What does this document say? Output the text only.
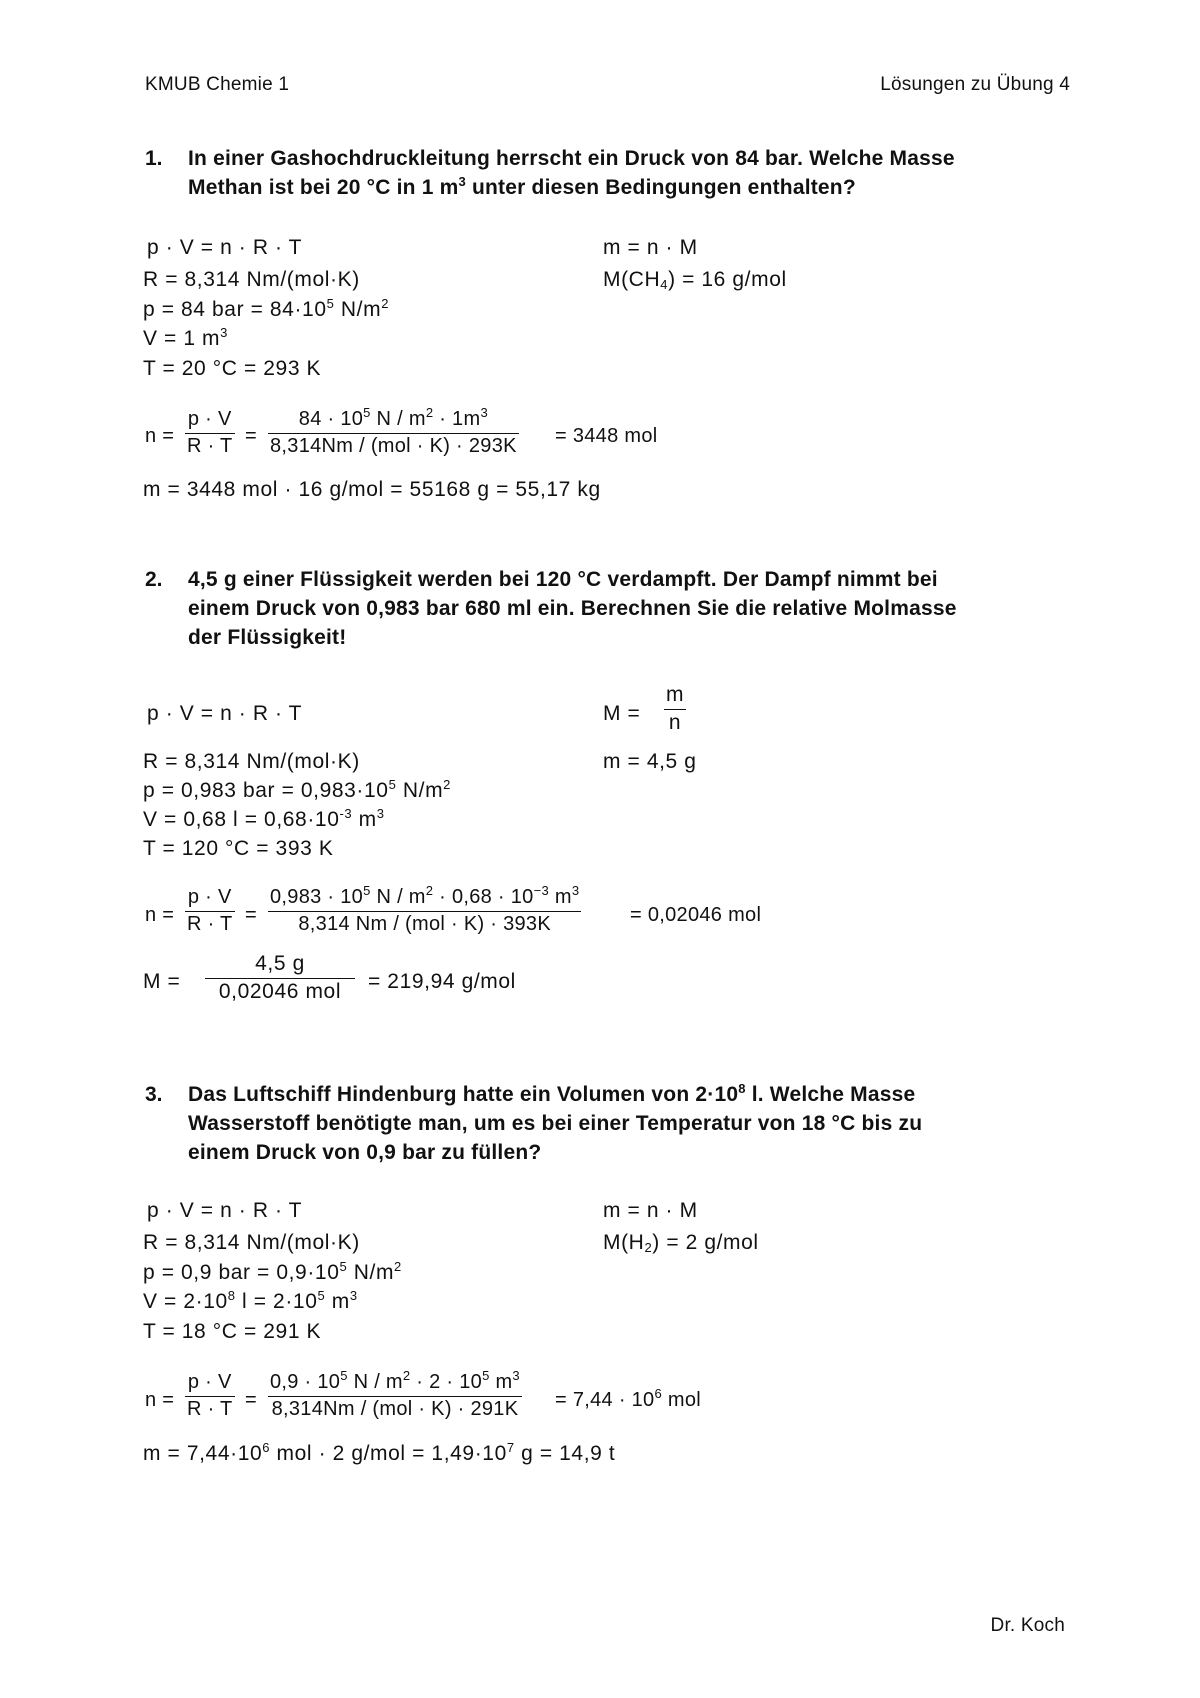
KMUB Chemie 1	Lösungen zu Übung 4
1. In einer Gashochdruckleitung herrscht ein Druck von 84 bar. Welche Masse
Methan ist bei 20 °C in 1 $m^3$ unter diesen Bedingungen enthalten?
p · V = n · R · T	m = n · M
R = 8,314 Nm/(mol·K)	$M(CH_4) = 16$ g/mol
p = 84 bar = $84\cdot 10^5$ $N/m^2$
V = 1 $m^3$
T = 20 °C = 293 K
n =
p · V
R · T =
$84 \cdot 10^5$ $N / m^2 \cdot 1m^3$
8,314Nm / (mol · K) · 293K = 3448 mol
m = 3448 mol · 16 g/mol = 55168 g = 55,17 kg
2. 4,5 g einer Flüssigkeit werden bei 120 °C verdampft. Der Dampf nimmt bei
einem Druck von 0,983 bar 680 ml ein. Berechnen Sie die relative Molmasse
der Flüssigkeit!
p · V = n · R · T	M =
m
n
R = 8,314 Nm/(mol·K)	m = 4,5 g
p = 0,983 bar = $0,983\cdot 10^5$ $N/m^2$
V = 0,68 $l = 0,68\cdot 10^{-3}$ $m^3$
T = 120 °C = 393 K
n =
p · V
R · T =
$0,983 \cdot 10^5$ $N / m^2 \cdot 0,68 \cdot 10^{-3}$ $m^3$
8,314 Nm / (mol · K) · 393K	= 0,02046 mol
M =
4,5 g
0,02046 mol = 219,94 g/mol
3. Das Luftschiff Hindenburg hatte ein Volumen von $2\cdot 10^8$ l. Welche Masse
Wasserstoff benötigte man, um es bei einer Temperatur von 18 °C bis zu
einem Druck von 0,9 bar zu füllen?
p · V = n · R · T	m = n · M
R = 8,314 Nm/(mol·K)	$M(H_2) = 2$ g/mol
p = 0,9 bar = $0,9\cdot 10^5$ $N/m^2$
$V = 2\cdot 10^8$ $l = 2\cdot 10^5$ $m^3$
T = 18 °C = 291 K
n =
p · V
R · T =
$0,9 \cdot 10^5$ $N / m^2 \cdot 2 \cdot 10^5$ $m^3$
$8,314Nm / (mol \cdot K) \cdot 291K = 7,44 \cdot 10^6$ mol
$m = 7,44\cdot 10^6$ mol · 2 $g/mol = 1,49\cdot 10^7$ g = 14,9 t
Dr. Koch
